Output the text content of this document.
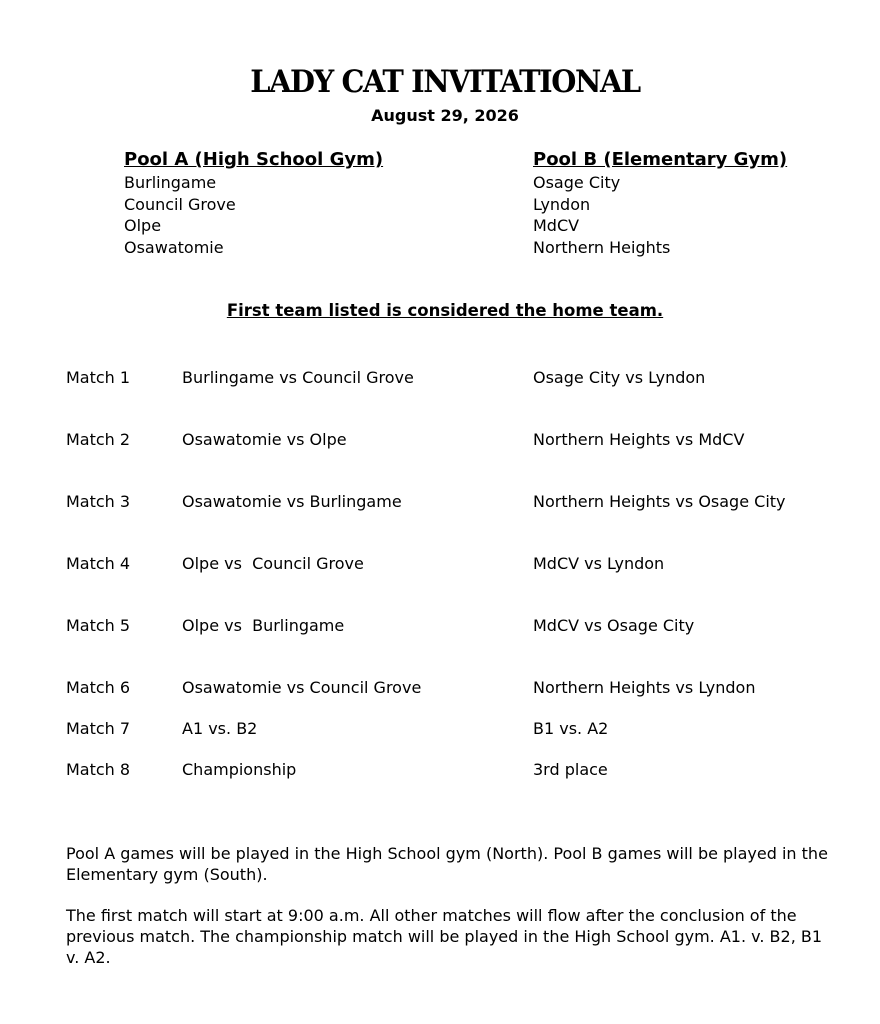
LADY CAT INVITATIONAL
August 29, 2026
Pool A (High School Gym)
Burlingame
Council Grove
Olpe
Osawatomie
Pool B (Elementary Gym)
Osage City
Lyndon
MdCV
Northern Heights
First team listed is considered the home team.
Match 1	Burlingame vs Council Grove	Osage City vs Lyndon
Match 2	Osawatomie vs Olpe	Northern Heights vs MdCV
Match 3	Osawatomie vs Burlingame	Northern Heights vs Osage City
Match 4	Olpe vs  Council Grove	MdCV vs Lyndon
Match 5	Olpe vs  Burlingame	MdCV vs Osage City
Match 6	Osawatomie vs Council Grove	Northern Heights vs Lyndon
Match 7	A1 vs. B2	B1 vs. A2
Match 8	Championship	3rd place
Pool A games will be played in the High School gym (North). Pool B games will be played in the Elementary gym (South).
The first match will start at 9:00 a.m. All other matches will flow after the conclusion of the previous match. The championship match will be played in the High School gym. A1. v. B2, B1 v. A2.
